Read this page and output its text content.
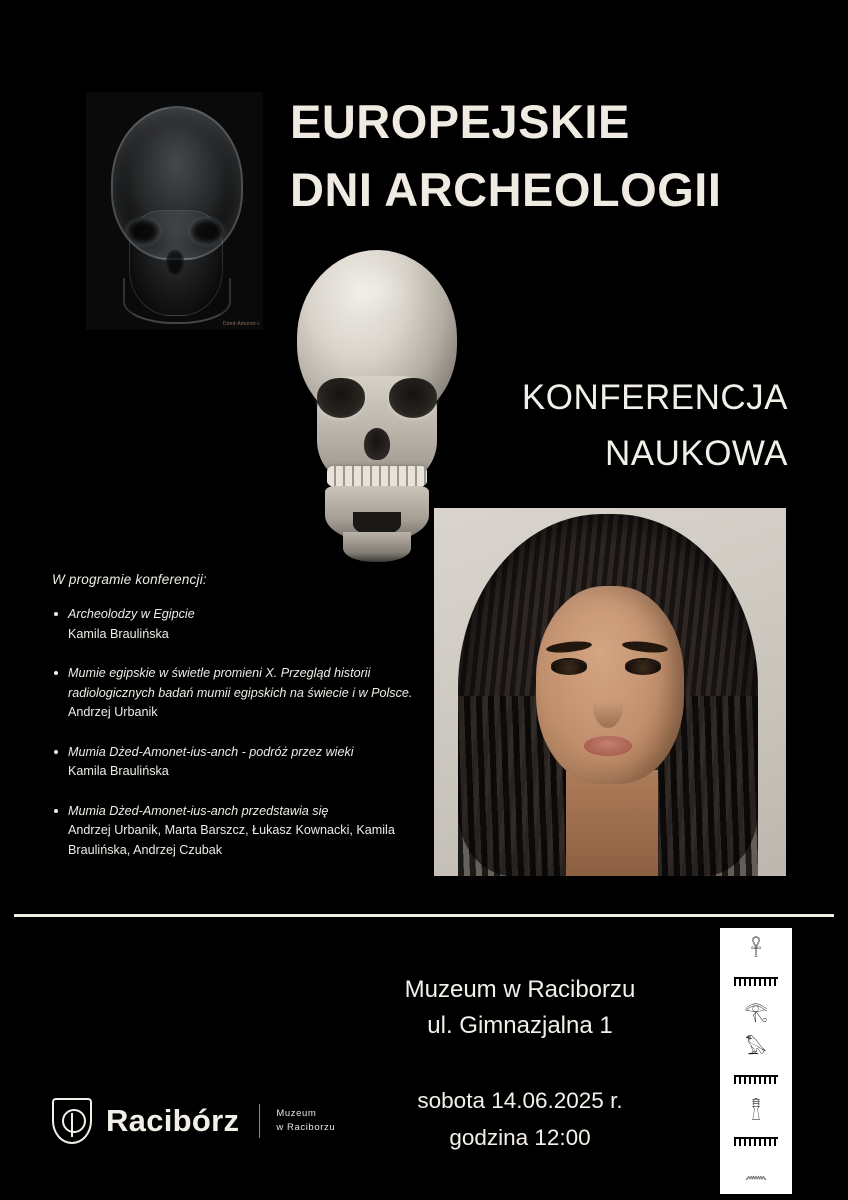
Dżed-Amonet-i
EUROPEJSKIE
DNI ARCHEOLOGII
KONFERENCJA
NAUKOWA
W programie konferencji:
Archeolodzy w Egipcie
Kamila Braulińska
Mumie egipskie w świetle promieni X. Przegląd historii radiologicznych badań mumii egipskich na świecie i w Polsce.
Andrzej Urbanik
Mumia Dżed-Amonet-ius-anch - podróż przez wieki
Kamila Braulińska
Mumia Dżed-Amonet-ius-anch przedstawia się
Andrzej Urbanik, Marta Barszcz, Łukasz Kownacki, Kamila Braulińska, Andrzej Czubak
Muzeum w Raciborzu
ul. Gimnazjalna 1
sobota 14.06.2025 r.
godzina 12:00
𓋹
𓂀
𓅃
𓊽
𓈖
Racibórz	Muzeum
w Raciborzu
